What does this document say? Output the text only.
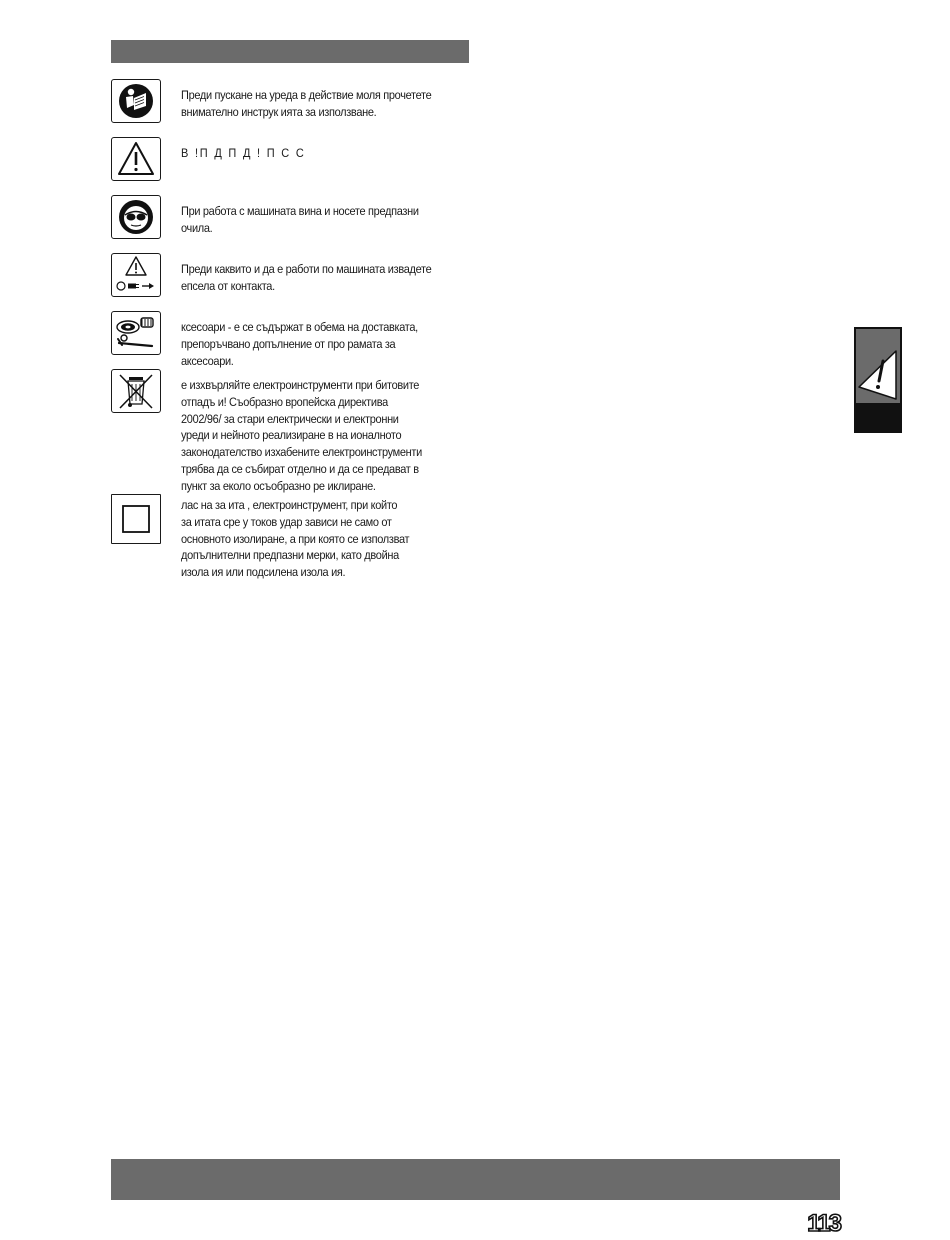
Преди пускане на уреда в действие моля прочетете
внимателно инструк ията за използване.
В !П Д П Д ! П С С
При работа с машината вина и носете предпазни
очила.
Преди каквито и да е работи по машината извадете
епсела от контакта.
ксесоари - е се съдържат в обема на доставката,
препоръчвано допълнение от про рамата за
аксесоари.
е изхвърляйте електроинструменти при битовите
отпадъ и! Съобразно вропейска директива
2002/96/ за стари електрически и електронни
уреди и нейното реализиране в на ионалното
законодателство изхабените електроинструменти
трябва да се събират отделно и да се предават в
пункт за еколо осъобразно ре иклиране.
лас на за ита , електроинструмент, при който
за итата сре у токов удар зависи не само от
основното изолиране, а при която се използват
допълнителни предпазни мерки, като двойна
изола ия или подсилена изола ия.
113
